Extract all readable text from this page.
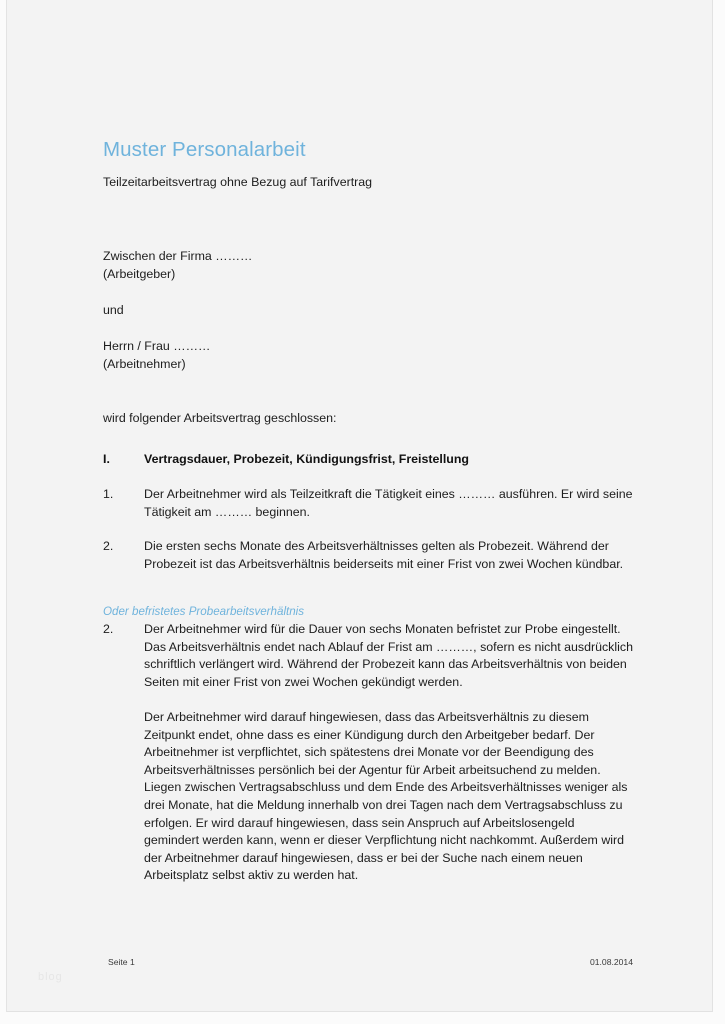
Muster Personalarbeit
Teilzeitarbeitsvertrag ohne Bezug auf Tarifvertrag

Zwischen der Firma ………

(Arbeitgeber)

und

Herrn / Frau ………

(Arbeitnehmer)

wird folgender Arbeitsvertrag geschlossen:

I.	Vertragsdauer, Probezeit, Kündigungsfrist, Freistellung
1.	Der Arbeitnehmer wird als Teilzeitkraft die Tätigkeit eines ……… ausführen. Er wird seine Tätigkeit am ……… beginnen.

2.	Die ersten sechs Monate des Arbeitsverhältnisses gelten als Probezeit. Während der Probezeit ist das Arbeitsverhältnis beiderseits mit einer Frist von zwei Wochen kündbar.

Oder befristetes Probearbeitsverhältnis
2.	Der Arbeitnehmer wird für die Dauer von sechs Monaten befristet zur Probe eingestellt. Das Arbeitsverhältnis endet nach Ablauf der Frist am ………, sofern es nicht ausdrücklich schriftlich verlängert wird. Während der Probezeit kann das Arbeitsverhältnis von beiden Seiten mit einer Frist von zwei Wochen gekündigt werden.

Der Arbeitnehmer wird darauf hingewiesen, dass das Arbeitsverhältnis zu diesem Zeitpunkt endet, ohne dass es einer Kündigung durch den Arbeitgeber bedarf. Der Arbeitnehmer ist verpflichtet, sich spätestens drei Monate vor der Beendigung des Arbeitsverhältnisses persönlich bei der Agentur für Arbeit arbeitsuchend zu melden. Liegen zwischen Vertragsabschluss und dem Ende des Arbeitsverhältnisses weniger als drei Monate, hat die Meldung innerhalb von drei Tagen nach dem Vertragsabschluss zu erfolgen. Er wird darauf hingewiesen, dass sein Anspruch auf Arbeitslosengeld gemindert werden kann, wenn er dieser Verpflichtung nicht nachkommt. Außerdem wird der Arbeitnehmer darauf hingewiesen, dass er bei der Suche nach einem neuen Arbeitsplatz selbst aktiv zu werden hat.

Seite 1	01.08.2014
blog
